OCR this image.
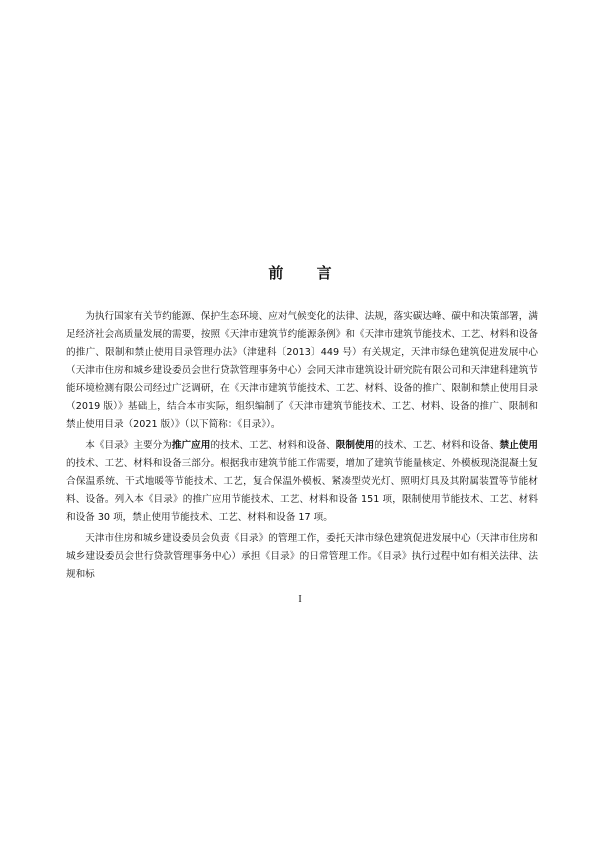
前 言

为执行国家有关节约能源、保护生态环境、应对气候变化的法律、法规，落实碳达峰、碳中和决策部署，满足经济社会高质量发展的需要，按照《天津市建筑节约能源条例》和《天津市建筑节能技术、工艺、材料和设备的推广、限制和禁止使用目录管理办法》（津建科〔2013〕449 号）有关规定，天津市绿色建筑促进发展中心（天津市住房和城乡建设委员会世行贷款管理事务中心）会同天津市建筑设计研究院有限公司和天津建科建筑节能环境检测有限公司经过广泛调研，在《天津市建筑节能技术、工艺、材料、设备的推广、限制和禁止使用目录（2019 版）》基础上，结合本市实际，组织编制了《天津市建筑节能技术、工艺、材料、设备的推广、限制和禁止使用目录（2021 版）》（以下简称：《目录》）。

本《目录》主要分为推广应用的技术、工艺、材料和设备、限制使用的技术、工艺、材料和设备、禁止使用的技术、工艺、材料和设备三部分。根据我市建筑节能工作需要，增加了建筑节能量核定、外模板现浇混凝土复合保温系统、干式地暖等节能技术、工艺，复合保温外模板、紧凑型荧光灯、照明灯具及其附属装置等节能材料、设备。列入本《目录》的推广应用节能技术、工艺、材料和设备 151 项，限制使用节能技术、工艺、材料和设备 30 项，禁止使用节能技术、工艺、材料和设备 17 项。

天津市住房和城乡建设委员会负责《目录》的管理工作，委托天津市绿色建筑促进发展中心（天津市住房和城乡建设委员会世行贷款管理事务中心）承担《目录》的日常管理工作。《目录》执行过程中如有相关法律、法规和标

I
